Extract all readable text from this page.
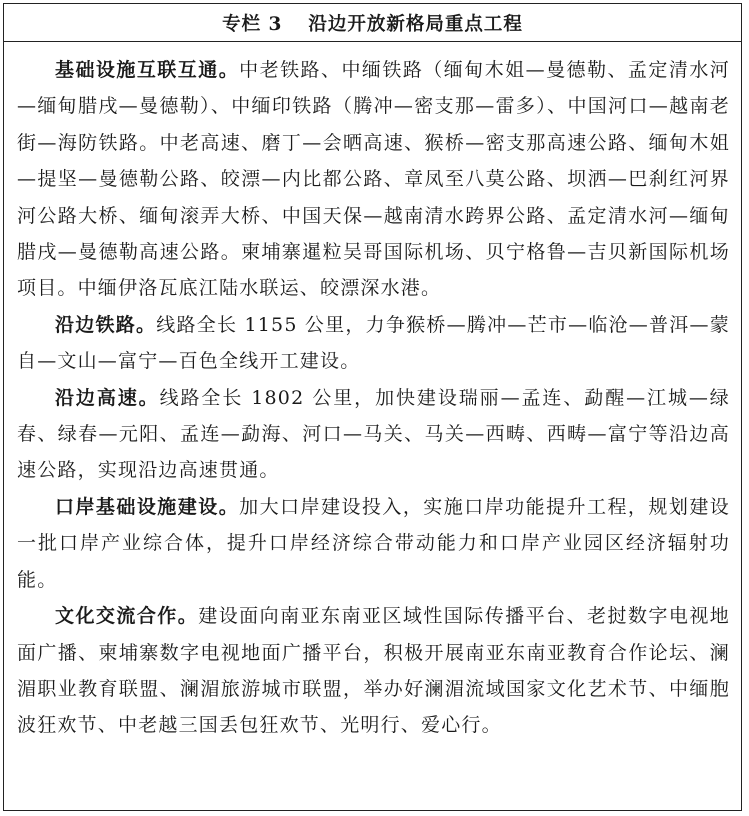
专栏 3 沿边开放新格局重点工程

基础设施互联互通。中老铁路、中缅铁路（缅甸木姐—曼德勒、孟定清水河—缅甸腊戌—曼德勒）、中缅印铁路（腾冲—密支那—雷多）、中国河口—越南老街—海防铁路。中老高速、磨丁—会晒高速、猴桥—密支那高速公路、缅甸木姐—提坚—曼德勒公路、皎漂—内比都公路、章凤至八莫公路、坝洒—巴刹红河界河公路大桥、缅甸滚弄大桥、中国天保—越南清水跨界公路、孟定清水河—缅甸腊戌—曼德勒高速公路。柬埔寨暹粒吴哥国际机场、贝宁格鲁—吉贝新国际机场项目。中缅伊洛瓦底江陆水联运、皎漂深水港。

沿边铁路。线路全长 1155 公里，力争猴桥—腾冲—芒市—临沧—普洱—蒙自—文山—富宁—百色全线开工建设。

沿边高速。线路全长 1802 公里，加快建设瑞丽—孟连、勐醒—江城—绿春、绿春—元阳、孟连—勐海、河口—马关、马关—西畴、西畴—富宁等沿边高速公路，实现沿边高速贯通。

口岸基础设施建设。加大口岸建设投入，实施口岸功能提升工程，规划建设一批口岸产业综合体，提升口岸经济综合带动能力和口岸产业园区经济辐射功能。

文化交流合作。建设面向南亚东南亚区域性国际传播平台、老挝数字电视地面广播、柬埔寨数字电视地面广播平台，积极开展南亚东南亚教育合作论坛、澜湄职业教育联盟、澜湄旅游城市联盟，举办好澜湄流域国家文化艺术节、中缅胞波狂欢节、中老越三国丢包狂欢节、光明行、爱心行。
